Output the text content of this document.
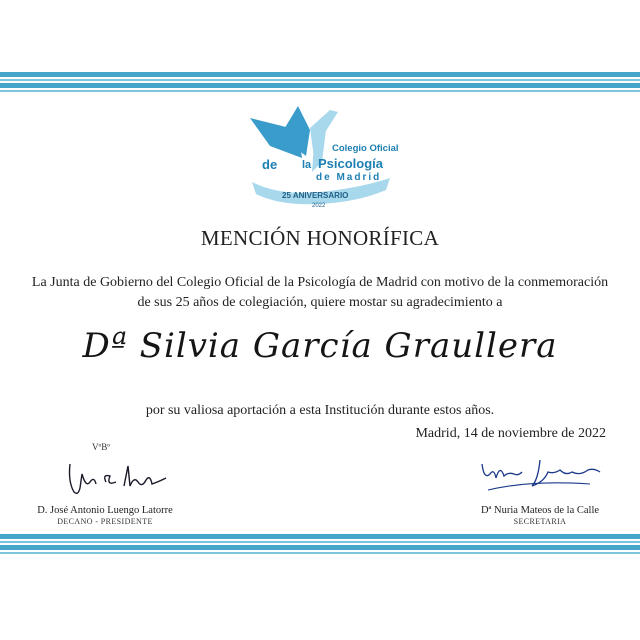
Colegio Oficial
de la Psicología
de Madrid
25 ANIVERSARIO
2022
MENCIÓN HONORÍFICA
La Junta de Gobierno del Colegio Oficial de la Psicología de Madrid con motivo de la conmemoración
de sus 25 años de colegiación, quiere mostar su agradecimiento a
Dª Silvia García Graullera
por su valiosa aportación a esta Institución durante estos años.
Madrid, 14 de noviembre de 2022
VºBº
D. José Antonio Luengo Latorre
DECANO - PRESIDENTE
Dª Nuria Mateos de la Calle
SECRETARIA
